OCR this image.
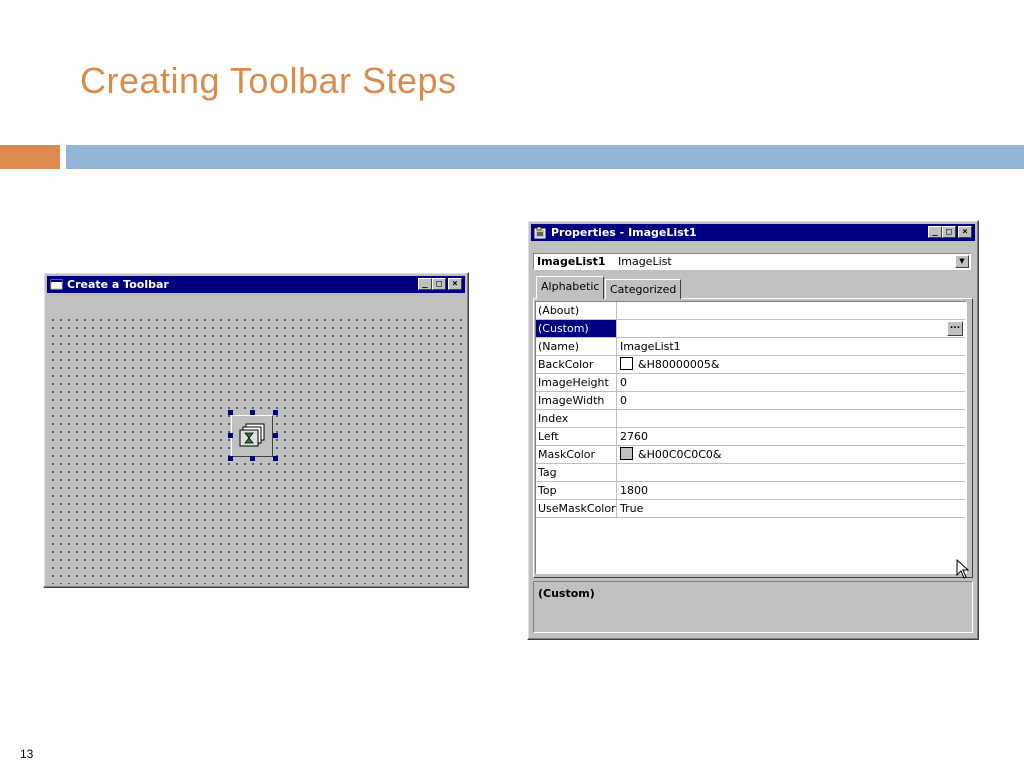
Creating Toolbar Steps
13
Create a Toolbar	_ □	×
Properties - ImageList1	_ □	×
ImageList1 ImageList	▼
Alphabetic Categorized
(About)
(Custom)	...
(Name)	ImageList1
BackColor	&H80000005&
ImageHeight	0
ImageWidth	0
Index
Left	2760
MaskColor	&H00C0C0C0&
Tag
Top	1800
UseMaskColor True
(Custom)
